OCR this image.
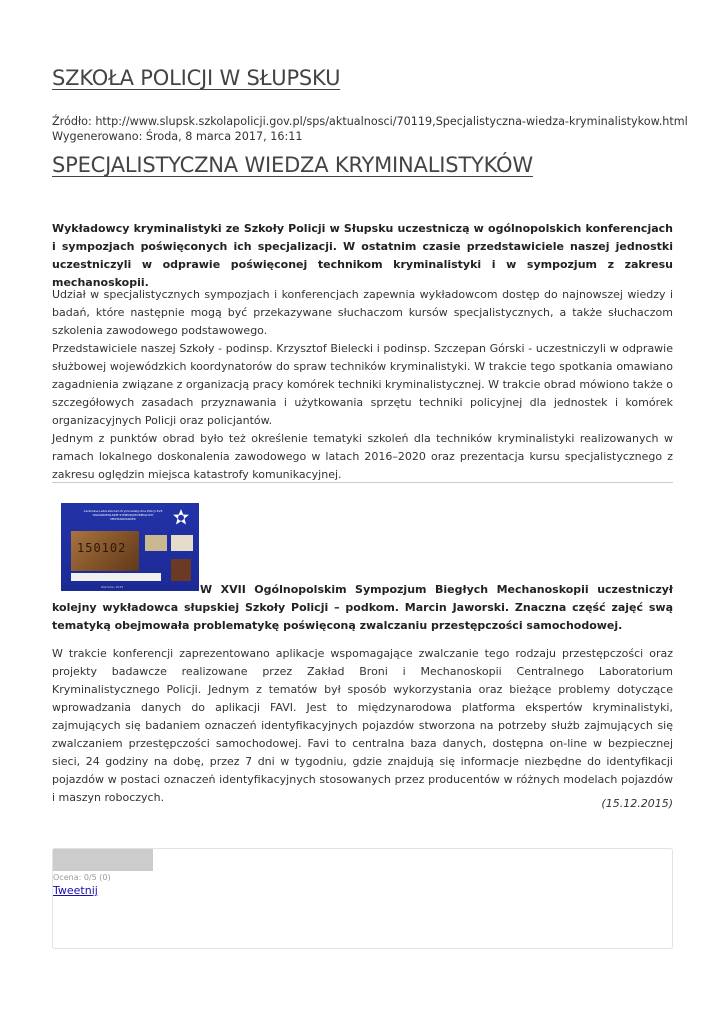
SZKOŁA POLICJI W SŁUPSKU
Źródło: http://www.slupsk.szkolapolicji.gov.pl/sps/aktualnosci/70119,Specjalistyczna-wiedza-kryminalistykow.html
Wygenerowano: Środa, 8 marca 2017, 16:11
SPECJALISTYCZNA WIEDZA KRYMINALISTYKÓW

Wykładowcy kryminalistyki ze Szkoły Policji w Słupsku uczestniczą w ogólnopolskich konferencjach i sympozjach poświęconych ich specjalizacji. W ostatnim czasie przedstawiciele naszej jednostki uczestniczyli w odprawie poświęconej technikom kryminalistyki i w sympozjum z zakresu mechanoskopii.

Udział w specjalistycznych sympozjach i konferencjach zapewnia wykładowcom dostęp do najnowszej wiedzy i badań, które następnie mogą być przekazywane słuchaczom kursów specjalistycznych, a także słuchaczom szkolenia zawodowego podstawowego.
Przedstawiciele naszej Szkoły - podinsp. Krzysztof Bielecki i podinsp. Szczepan Górski - uczestniczyli w odprawie służbowej wojewódzkich koordynatorów do spraw techników kryminalistyki. W trakcie tego spotkania omawiano zagadnienia związane z organizacją pracy komórek techniki kryminalistycznej. W trakcie obrad mówiono także o szczegółowych zasadach przyznawania i użytkowania sprzętu techniki policyjnej dla jednostek i komórek organizacyjnych Policji oraz policjantów.
Jednym z punktów obrad było też określenie tematyki szkoleń dla techników kryminalistyki realizowanych w ramach lokalnego doskonalenia zawodowego w latach 2016–2020 oraz prezentacja kursu specjalistycznego z zakresu oględzin miejsca katastrofy komunikacyjnej.

W XVII Ogólnopolskim Sympozjum Biegłych Mechanoskopii uczestniczył kolejny wykładowca słupskiej Szkoły Policji – podkom. Marcin Jaworski. Znaczna część zajęć swą tematyką obejmowała problematykę poświęconą zwalczaniu przestępczości samochodowej.

Centralne Laboratorium Kryminalistyczne Policji XVII OGÓLNOPOLSKIE SYMPOZJUM BIEGŁYCH MECHANOSKOPII
150102
Zakrzów, 2015

W trakcie konferencji zaprezentowano aplikacje wspomagające zwalczanie tego rodzaju przestępczości oraz projekty badawcze realizowane przez Zakład Broni i Mechanoskopii Centralnego Laboratorium Kryminalistycznego Policji. Jednym z tematów był sposób wykorzystania oraz bieżące problemy dotyczące wprowadzania danych do aplikacji FAVI. Jest to międzynarodowa platforma ekspertów kryminalistyki, zajmujących się badaniem oznaczeń identyfikacyjnych pojazdów stworzona na potrzeby służb zajmujących się zwalczaniem przestępczości samochodowej. Favi to centralna baza danych, dostępna on-line w bezpiecznej sieci, 24 godziny na dobę, przez 7 dni w tygodniu, gdzie znajdują się informacje niezbędne do identyfikacji pojazdów w postaci oznaczeń identyfikacyjnych stosowanych przez producentów w różnych modelach pojazdów i maszyn roboczych.	(15.12.2015)
Ocena: 0/5 (0)
Tweetnij
